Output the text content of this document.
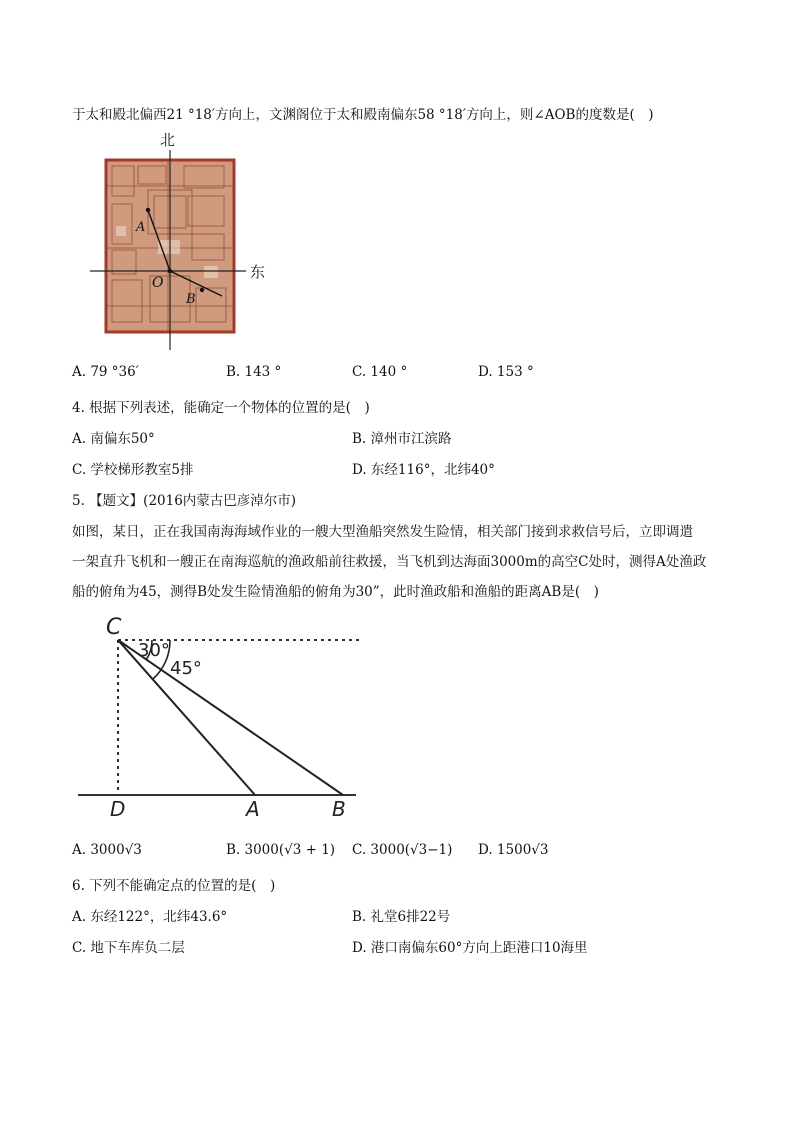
于太和殿北偏西21 °18′方向上，文渊阁位于太和殿南偏东58 °18′方向上，则∠AOB的度数是(　)
北
东
A
O
B
A. 79 °36′	B. 143 °	C. 140 °	D. 153 °
4. 根据下列表述，能确定一个物体的位置的是(　)
A. 南偏东50°	B. 漳州市江滨路
C. 学校梯形教室5排	D. 东经116°，北纬40°
5. 【题文】(2016内蒙古巴彦淖尔市)
如图，某日，正在我国南海海域作业的一艘大型渔船突然发生险情，相关部门接到求救信号后，立即调遣
一架直升飞机和一艘正在南海巡航的渔政船前往救援，当飞机到达海面3000m的高空C处时，测得A处渔政
船的俯角为45，测得B处发生险情渔船的俯角为30”，此时渔政船和渔船的距离AB是(　)
C
30°
45°
D	A	B
A. 3000√3	B. 3000(√3 + 1) C. 3000(√3−1) D. 1500√3
6. 下列不能确定点的位置的是(　)
A. 东经122°，北纬43.6°	B. 礼堂6排22号
C. 地下车库负二层	D. 港口南偏东60°方向上距港口10海里
